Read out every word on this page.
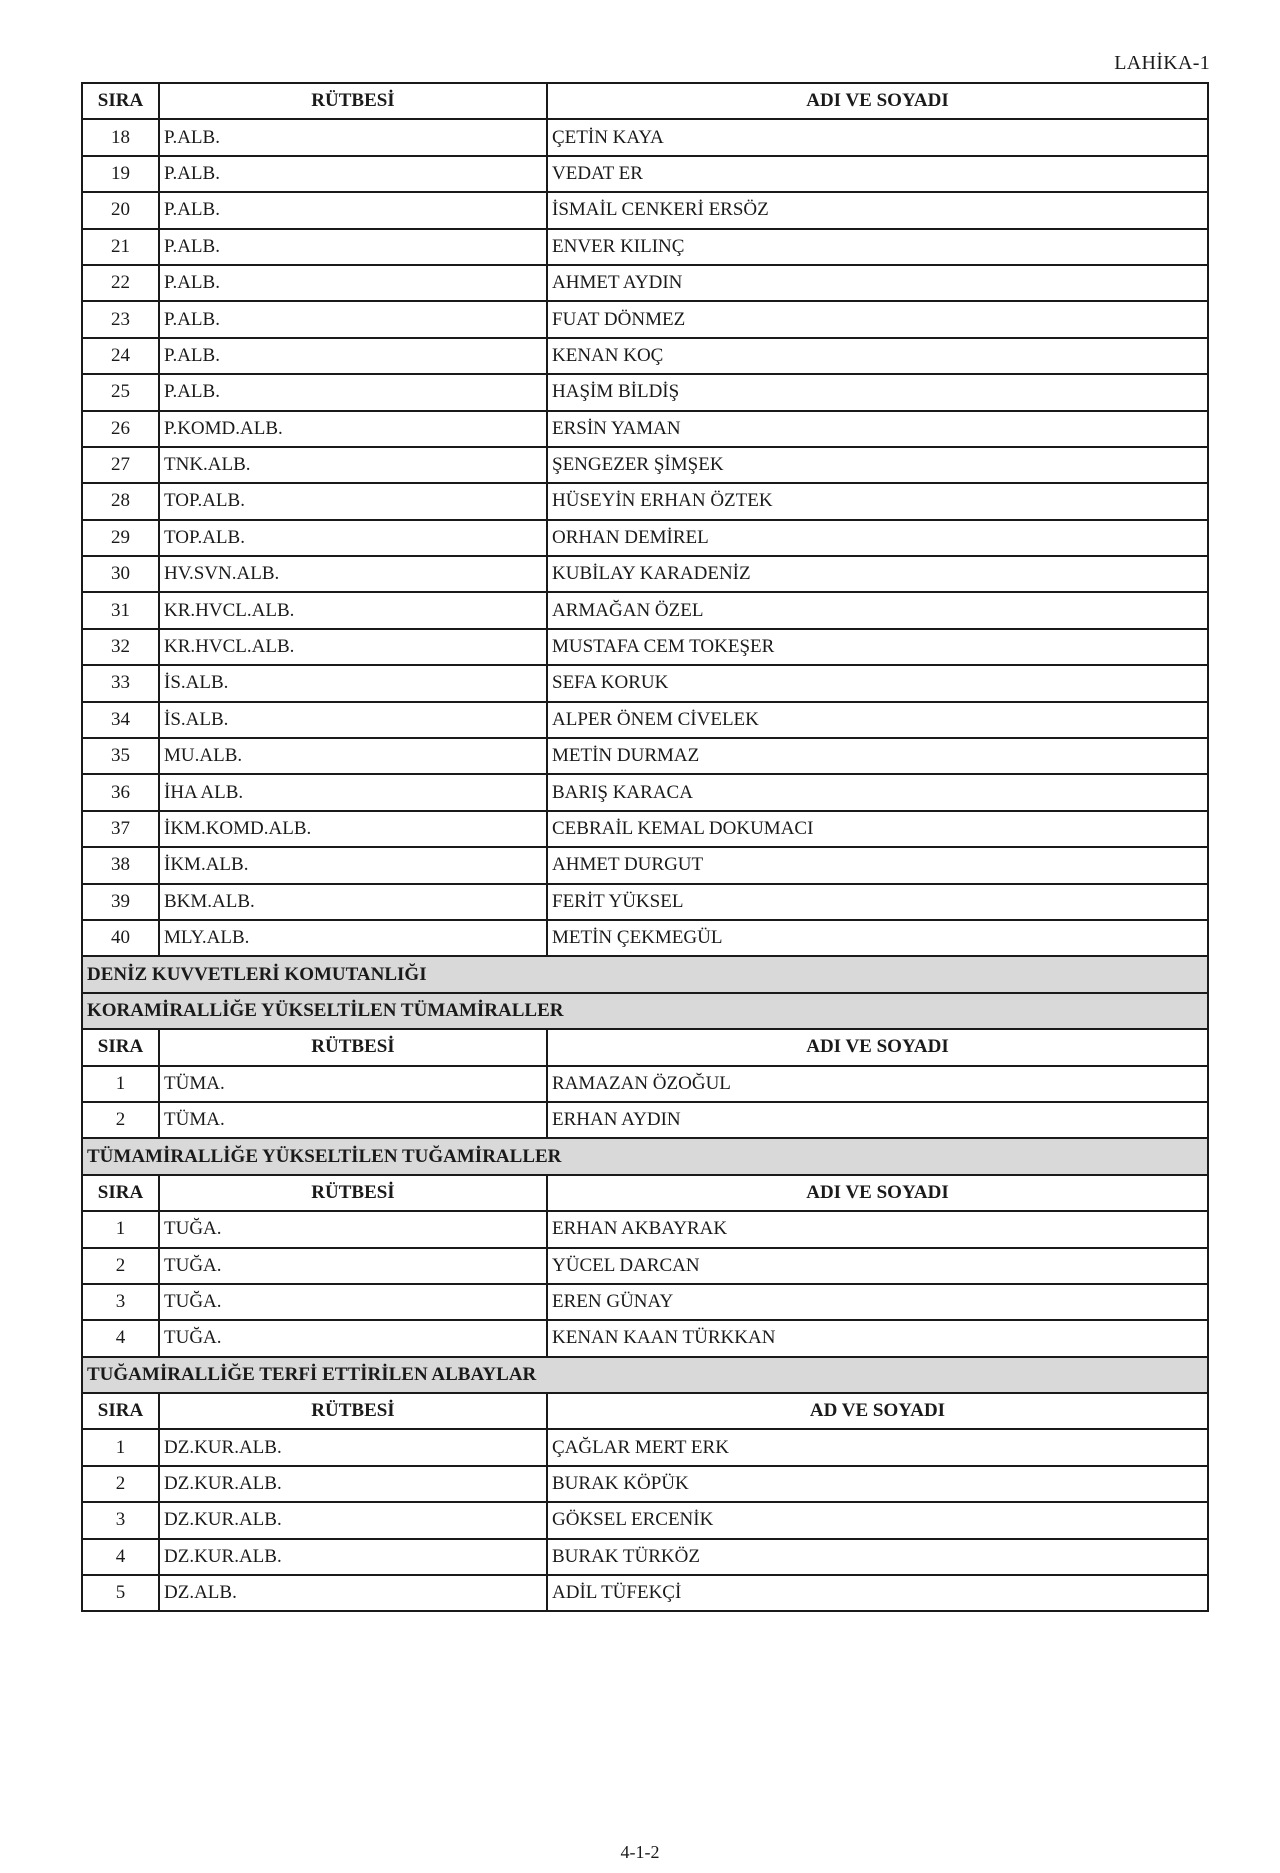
LAHİKA-1
SIRA	RÜTBESİ	ADI VE SOYADI
18	P.ALB.	ÇETİN KAYA
19	P.ALB.	VEDAT ER
20	P.ALB.	İSMAİL CENKERİ ERSÖZ
21	P.ALB.	ENVER KILINÇ
22	P.ALB.	AHMET AYDIN
23	P.ALB.	FUAT DÖNMEZ
24	P.ALB.	KENAN KOÇ
25	P.ALB.	HAŞİM BİLDİŞ
26	P.KOMD.ALB.	ERSİN YAMAN
27	TNK.ALB.	ŞENGEZER ŞİMŞEK
28	TOP.ALB.	HÜSEYİN ERHAN ÖZTEK
29	TOP.ALB.	ORHAN DEMİREL
30	HV.SVN.ALB.	KUBİLAY KARADENİZ
31	KR.HVCL.ALB.	ARMAĞAN ÖZEL
32	KR.HVCL.ALB.	MUSTAFA CEM TOKEŞER
33	İS.ALB.	SEFA KORUK
34	İS.ALB.	ALPER ÖNEM CİVELEK
35	MU.ALB.	METİN DURMAZ
36	İHA ALB.	BARIŞ KARACA
37	İKM.KOMD.ALB.	CEBRAİL KEMAL DOKUMACI
38	İKM.ALB.	AHMET DURGUT
39	BKM.ALB.	FERİT YÜKSEL
40	MLY.ALB.	METİN ÇEKMEGÜL
DENİZ KUVVETLERİ KOMUTANLIĞI		
KORAMİRALLİĞE YÜKSELTİLEN TÜMAMİRALLER		
SIRA	RÜTBESİ	ADI VE SOYADI
1	TÜMA.	RAMAZAN ÖZOĞUL
2	TÜMA.	ERHAN AYDIN
TÜMAMİRALLİĞE YÜKSELTİLEN TUĞAMİRALLER		
SIRA	RÜTBESİ	ADI VE SOYADI
1	TUĞA.	ERHAN AKBAYRAK
2	TUĞA.	YÜCEL DARCAN
3	TUĞA.	EREN GÜNAY
4	TUĞA.	KENAN KAAN TÜRKKAN
TUĞAMİRALLİĞE TERFİ ETTİRİLEN ALBAYLAR		
SIRA	RÜTBESİ	AD VE SOYADI
1	DZ.KUR.ALB.	ÇAĞLAR MERT ERK
2	DZ.KUR.ALB.	BURAK KÖPÜK
3	DZ.KUR.ALB.	GÖKSEL ERCENİK
4	DZ.KUR.ALB.	BURAK TÜRKÖZ
5	DZ.ALB.	ADİL TÜFEKÇİ
4-1-2
